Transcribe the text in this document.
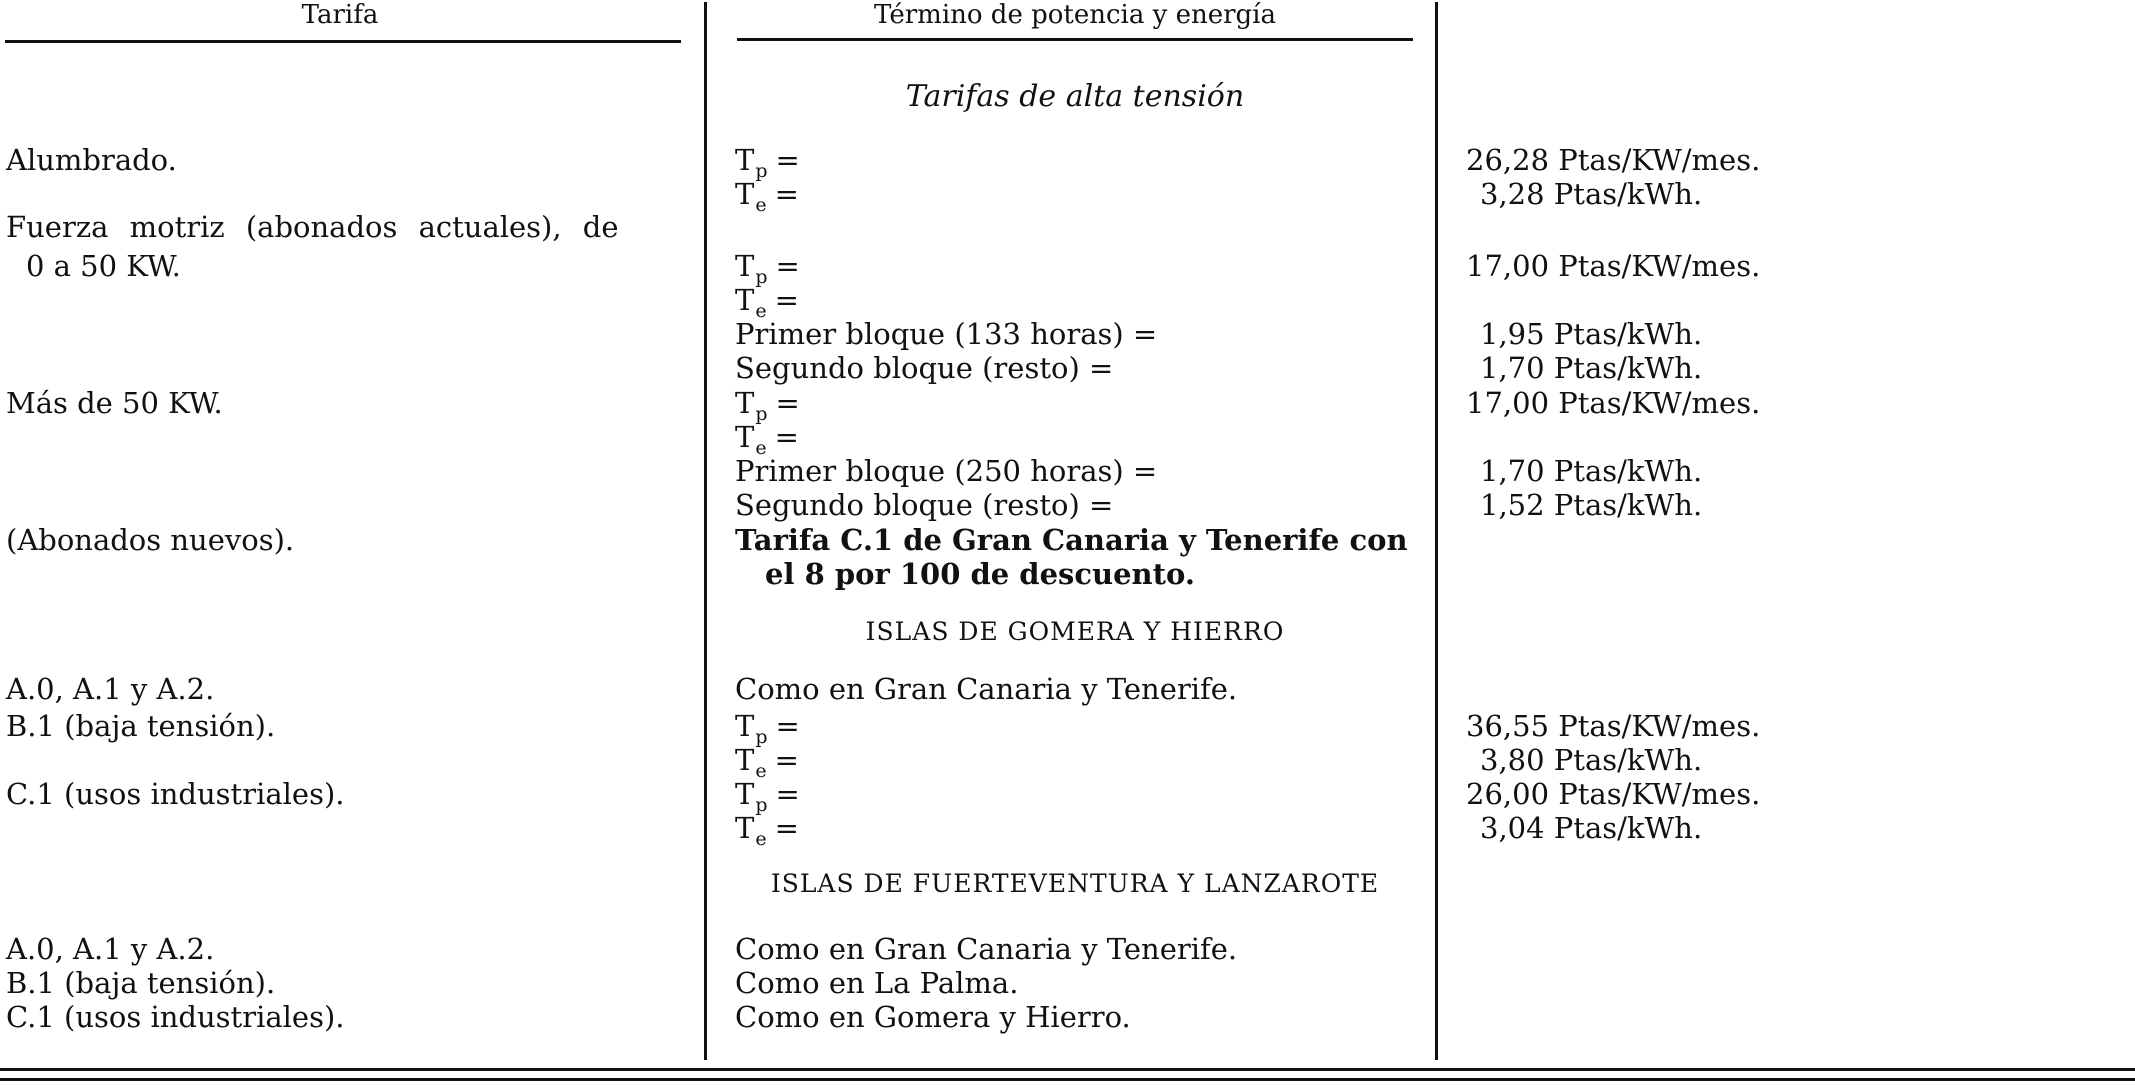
Tarifa	Término de potencia y energía
Tarifas de alta tensión
Alumbrado.
Fuerza motriz (abonados actuales), de
0 a 50 KW.
Más de 50 KW.
(Abonados nuevos).
A.0, A.1 y A.2.
B.1 (baja tensión).
C.1 (usos industriales).
A.0, A.1 y A.2.
B.1 (baja tensión).
C.1 (usos industriales).
$T_p$ =
$T_e$ =
$T_p$ =
$T_e$ =
Primer bloque (133 horas) =
Segundo bloque (resto) =
$T_p$ =
$T_e$ =
Primer bloque (250 horas) =
Segundo bloque (resto) =
Tarifa C.1 de Gran Canaria y Tenerife con
el 8 por 100 de descuento.
ISLAS DE GOMERA Y HIERRO
Como en Gran Canaria y Tenerife.
$T_p$ =
$T_e$ =
$T_p$ =
$T_e$ =
ISLAS DE FUERTEVENTURA Y LANZAROTE
Como en Gran Canaria y Tenerife.
Como en La Palma.
Como en Gomera y Hierro.
26,28 Ptas/KW/mes.
3,28 Ptas/kWh.
17,00 Ptas/KW/mes.
1,95 Ptas/kWh.
1,70 Ptas/kWh.
17,00 Ptas/KW/mes.
1,70 Ptas/kWh.
1,52 Ptas/kWh.
36,55 Ptas/KW/mes.
3,80 Ptas/kWh.
26,00 Ptas/KW/mes.
3,04 Ptas/kWh.
